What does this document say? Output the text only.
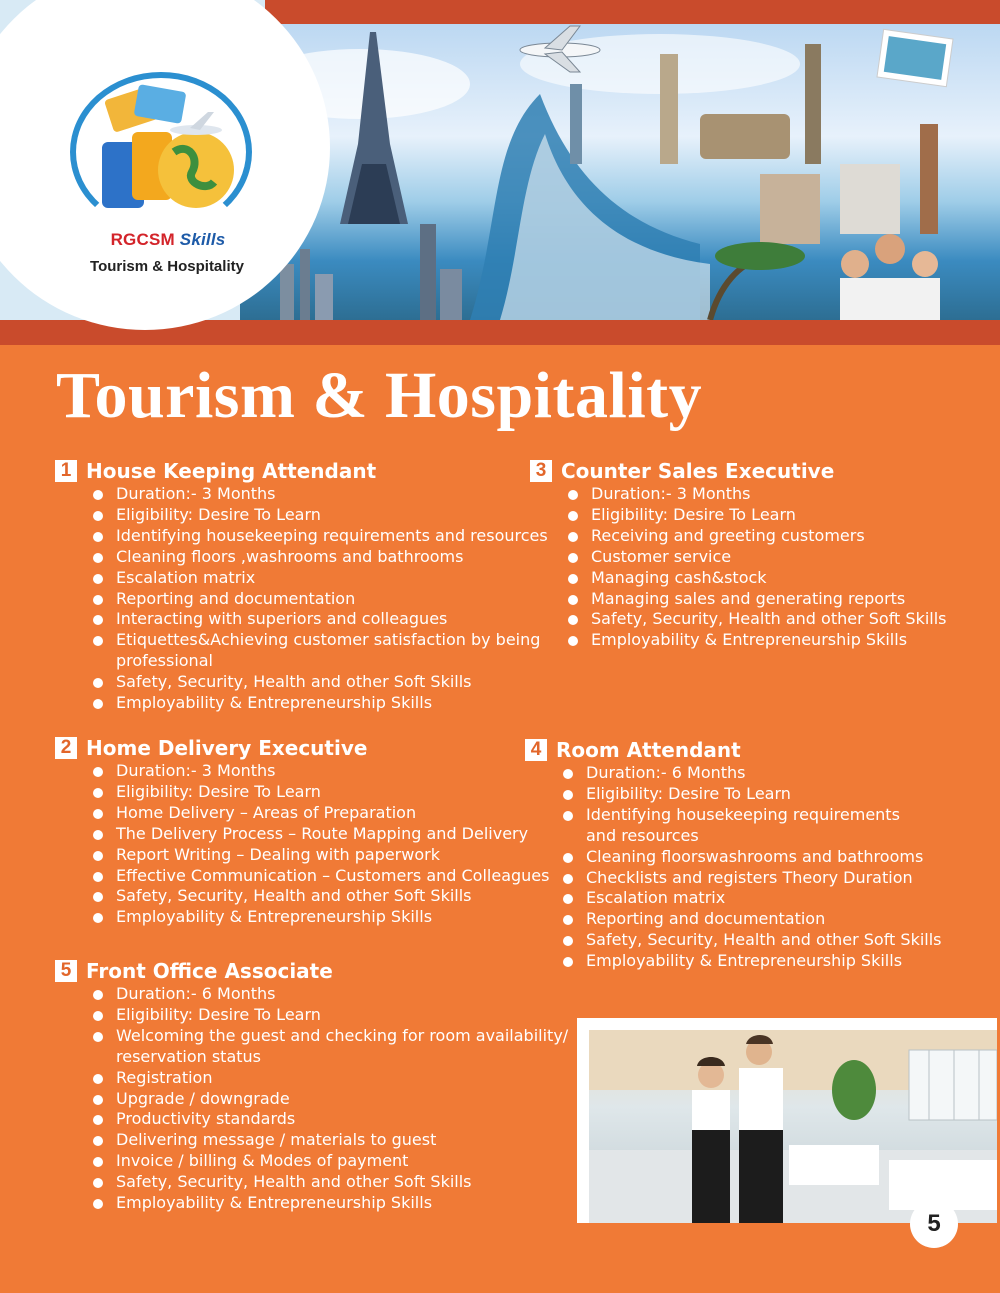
RGCSM Skills
Tourism & Hospitality
Tourism & Hospitality
1 House Keeping Attendant
Duration:- 3 Months
Eligibility: Desire To Learn
Identifying housekeeping requirements and resources
Cleaning floors ,washrooms and bathrooms
Escalation matrix
Reporting and documentation
Interacting with superiors and colleagues
Etiquettes&Achieving customer satisfaction by being
professional
Safety, Security, Health and other Soft Skills
Employability & Entrepreneurship Skills
2 Home Delivery Executive
Duration:- 3 Months
Eligibility: Desire To Learn
Home Delivery – Areas of Preparation
The Delivery Process – Route Mapping and Delivery
Report Writing – Dealing with paperwork
Effective Communication – Customers and Colleagues
Safety, Security, Health and other Soft Skills
Employability & Entrepreneurship Skills
5 Front Office Associate
Duration:- 6 Months
Eligibility: Desire To Learn
Welcoming the guest and checking for room availability/
reservation status
Registration
Upgrade / downgrade
Productivity standards
Delivering message / materials to guest
Invoice / billing & Modes of payment
Safety, Security, Health and other Soft Skills
Employability & Entrepreneurship Skills
3 Counter Sales Executive
Duration:- 3 Months
Eligibility: Desire To Learn
Receiving and greeting customers
Customer service
Managing cash&stock
Managing sales and generating reports
Safety, Security, Health and other Soft Skills
Employability & Entrepreneurship Skills
4 Room Attendant
Duration:- 6 Months
Eligibility: Desire To Learn
Identifying housekeeping requirements
and resources
Cleaning floorswashrooms and bathrooms
Checklists and registers Theory Duration
Escalation matrix
Reporting and documentation
Safety, Security, Health and other Soft Skills
Employability & Entrepreneurship Skills
5
